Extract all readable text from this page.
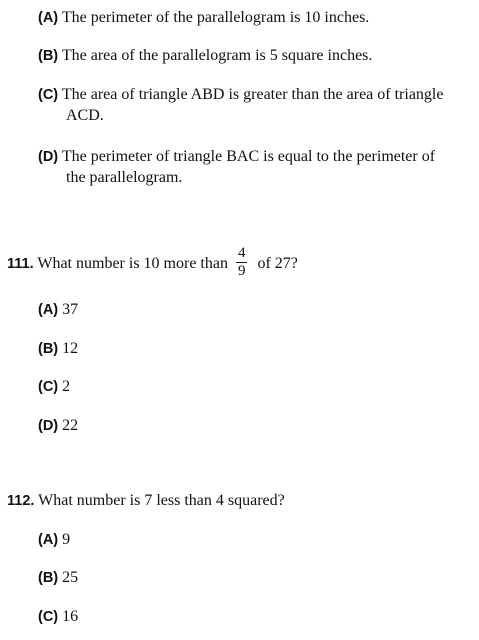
(A) The perimeter of the parallelogram is 10 inches.
(B) The area of the parallelogram is 5 square inches.
(C) The area of triangle ABD is greater than the area of triangle
ACD.
(D) The perimeter of triangle BAC is equal to the perimeter of
the parallelogram.
111. What number is 10 more than $\frac{4}{9}$ of 27?
(A) 37
(B) 12
(C) 2
(D) 22
112. What number is 7 less than 4 squared?
(A) 9
(B) 25
(C) 16
